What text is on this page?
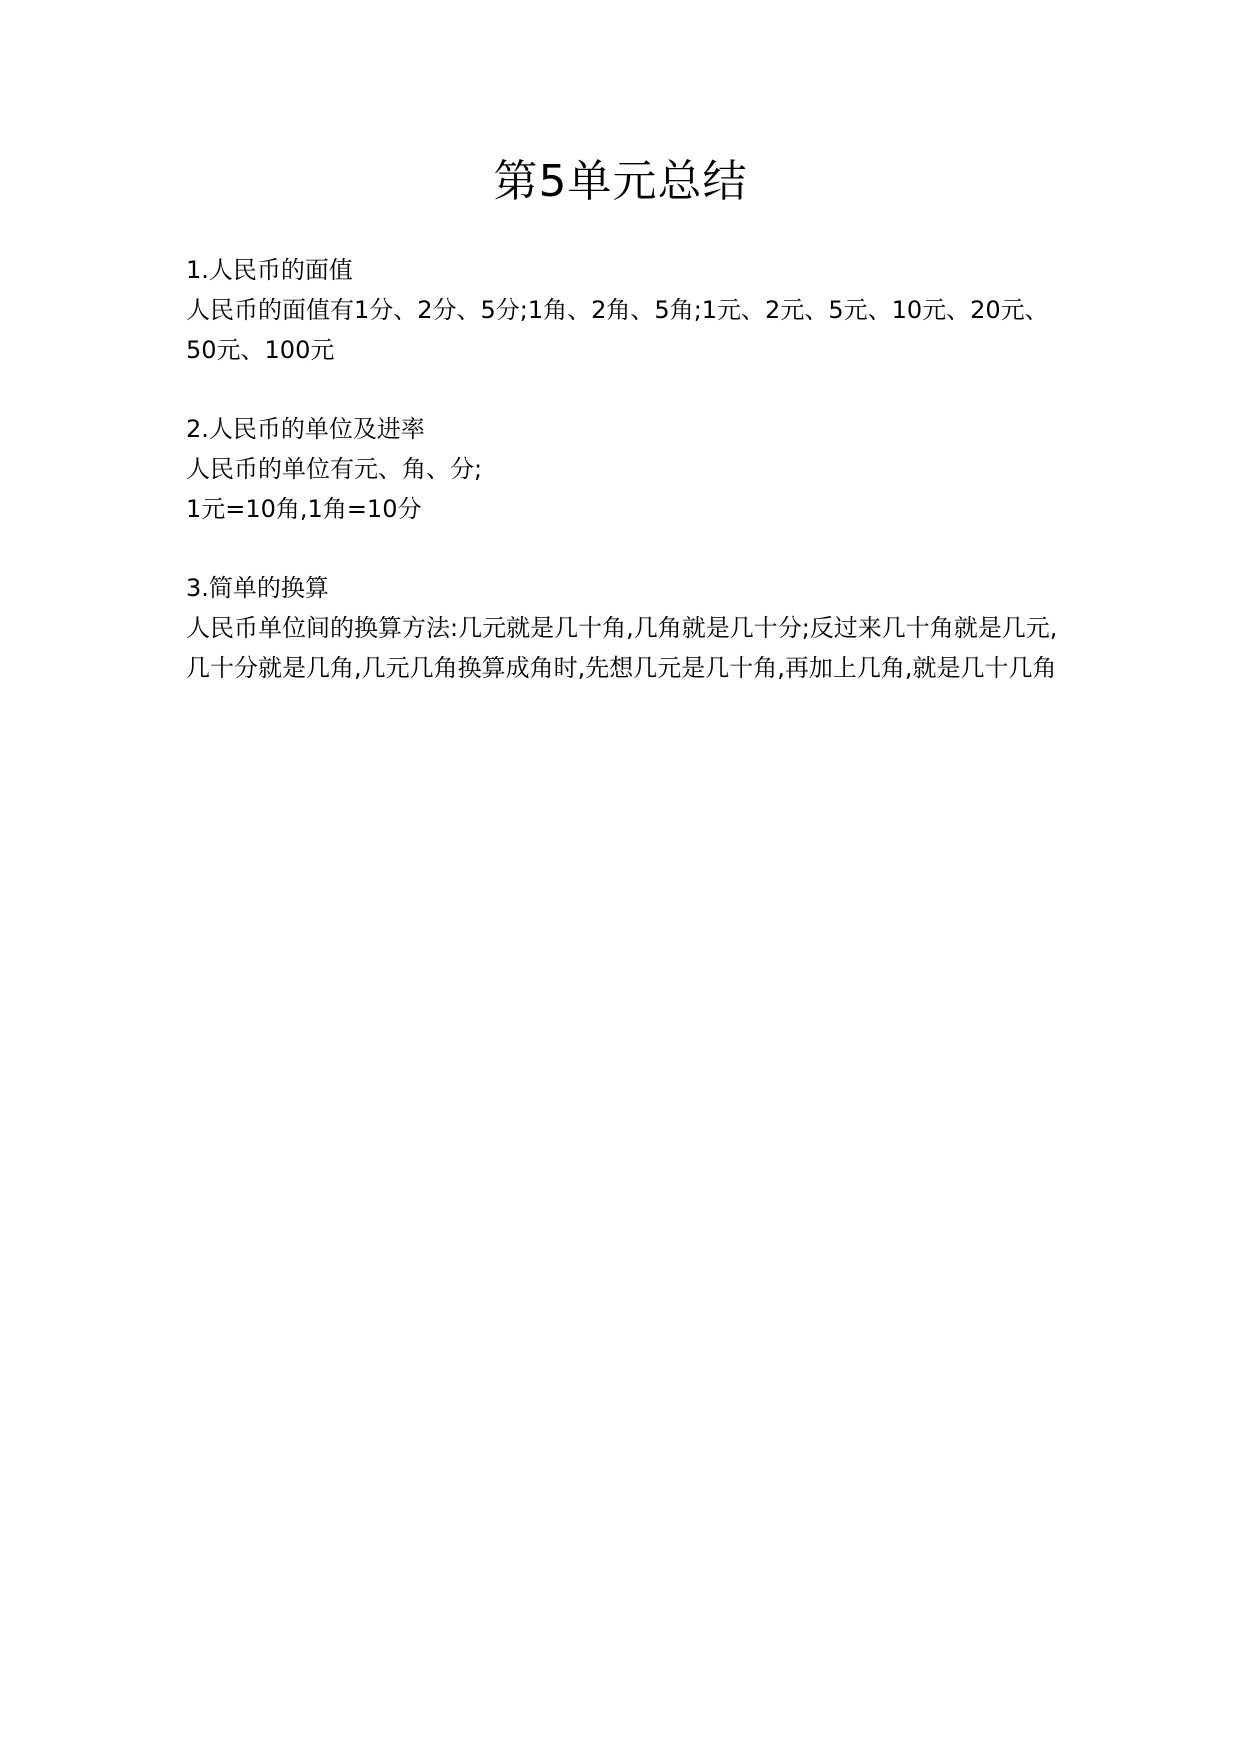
第5单元总结
1.人民币的面值

人民币的面值有1分、2分、5分;1角、2角、5角;1元、2元、5元、10元、20元、50元、100元

2.人民币的单位及进率

人民币的单位有元、角、分;

1元=10角,1角=10分

3.简单的换算

人民币单位间的换算方法:几元就是几十角,几角就是几十分;反过来几十角就是几元,几十分就是几角,几元几角换算成角时,先想几元是几十角,再加上几角,就是几十几角
